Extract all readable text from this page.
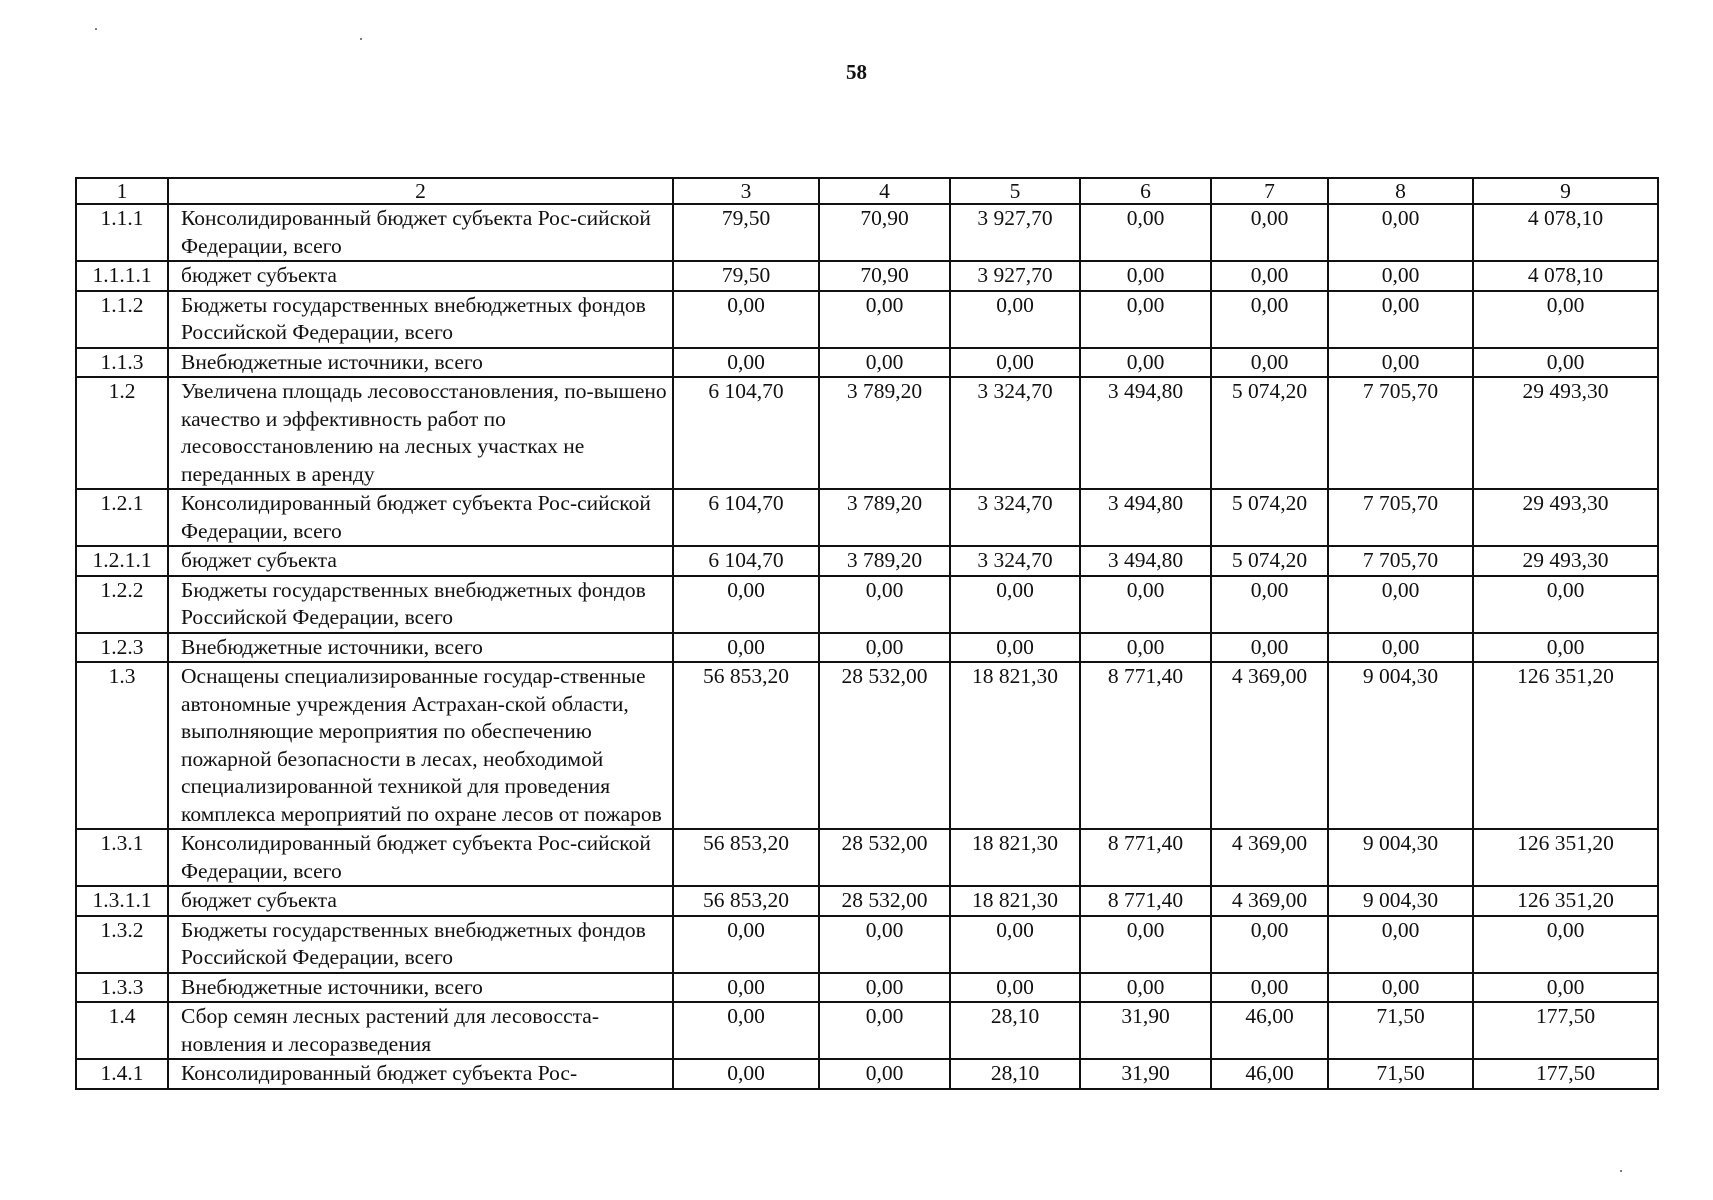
58
1	2	3	4	5	6	7	8	9
1.1.1	Консолидированный бюджет субъекта Рос-сийской Федерации, всего	79,50	70,90	3 927,70	0,00	0,00	0,00	4 078,10
1.1.1.1	бюджет субъекта	79,50	70,90	3 927,70	0,00	0,00	0,00	4 078,10
1.1.2	Бюджеты государственных внебюджетных фондов Российской Федерации, всего	0,00	0,00	0,00	0,00	0,00	0,00	0,00
1.1.3	Внебюджетные источники, всего	0,00	0,00	0,00	0,00	0,00	0,00	0,00
1.2	Увеличена площадь лесовосстановления, по-вышено качество и эффективность работ по лесовосстановлению на лесных участках не переданных в аренду	6 104,70	3 789,20	3 324,70	3 494,80	5 074,20	7 705,70	29 493,30
1.2.1	Консолидированный бюджет субъекта Рос-сийской Федерации, всего	6 104,70	3 789,20	3 324,70	3 494,80	5 074,20	7 705,70	29 493,30
1.2.1.1	бюджет субъекта	6 104,70	3 789,20	3 324,70	3 494,80	5 074,20	7 705,70	29 493,30
1.2.2	Бюджеты государственных внебюджетных фондов Российской Федерации, всего	0,00	0,00	0,00	0,00	0,00	0,00	0,00
1.2.3	Внебюджетные источники, всего	0,00	0,00	0,00	0,00	0,00	0,00	0,00
1.3	Оснащены специализированные государ-ственные автономные учреждения Астрахан-ской области, выполняющие мероприятия по обеспечению пожарной безопасности в лесах, необходимой специализированной техникой для проведения комплекса мероприятий по охране лесов от пожаров	56 853,20	28 532,00	18 821,30	8 771,40	4 369,00	9 004,30	126 351,20
1.3.1	Консолидированный бюджет субъекта Рос-сийской Федерации, всего	56 853,20	28 532,00	18 821,30	8 771,40	4 369,00	9 004,30	126 351,20
1.3.1.1	бюджет субъекта	56 853,20	28 532,00	18 821,30	8 771,40	4 369,00	9 004,30	126 351,20
1.3.2	Бюджеты государственных внебюджетных фондов Российской Федерации, всего	0,00	0,00	0,00	0,00	0,00	0,00	0,00
1.3.3	Внебюджетные источники, всего	0,00	0,00	0,00	0,00	0,00	0,00	0,00
1.4	Сбор семян лесных растений для лесовосста-новления и лесоразведения	0,00	0,00	28,10	31,90	46,00	71,50	177,50
1.4.1	Консолидированный бюджет субъекта Рос-	0,00	0,00	28,10	31,90	46,00	71,50	177,50
